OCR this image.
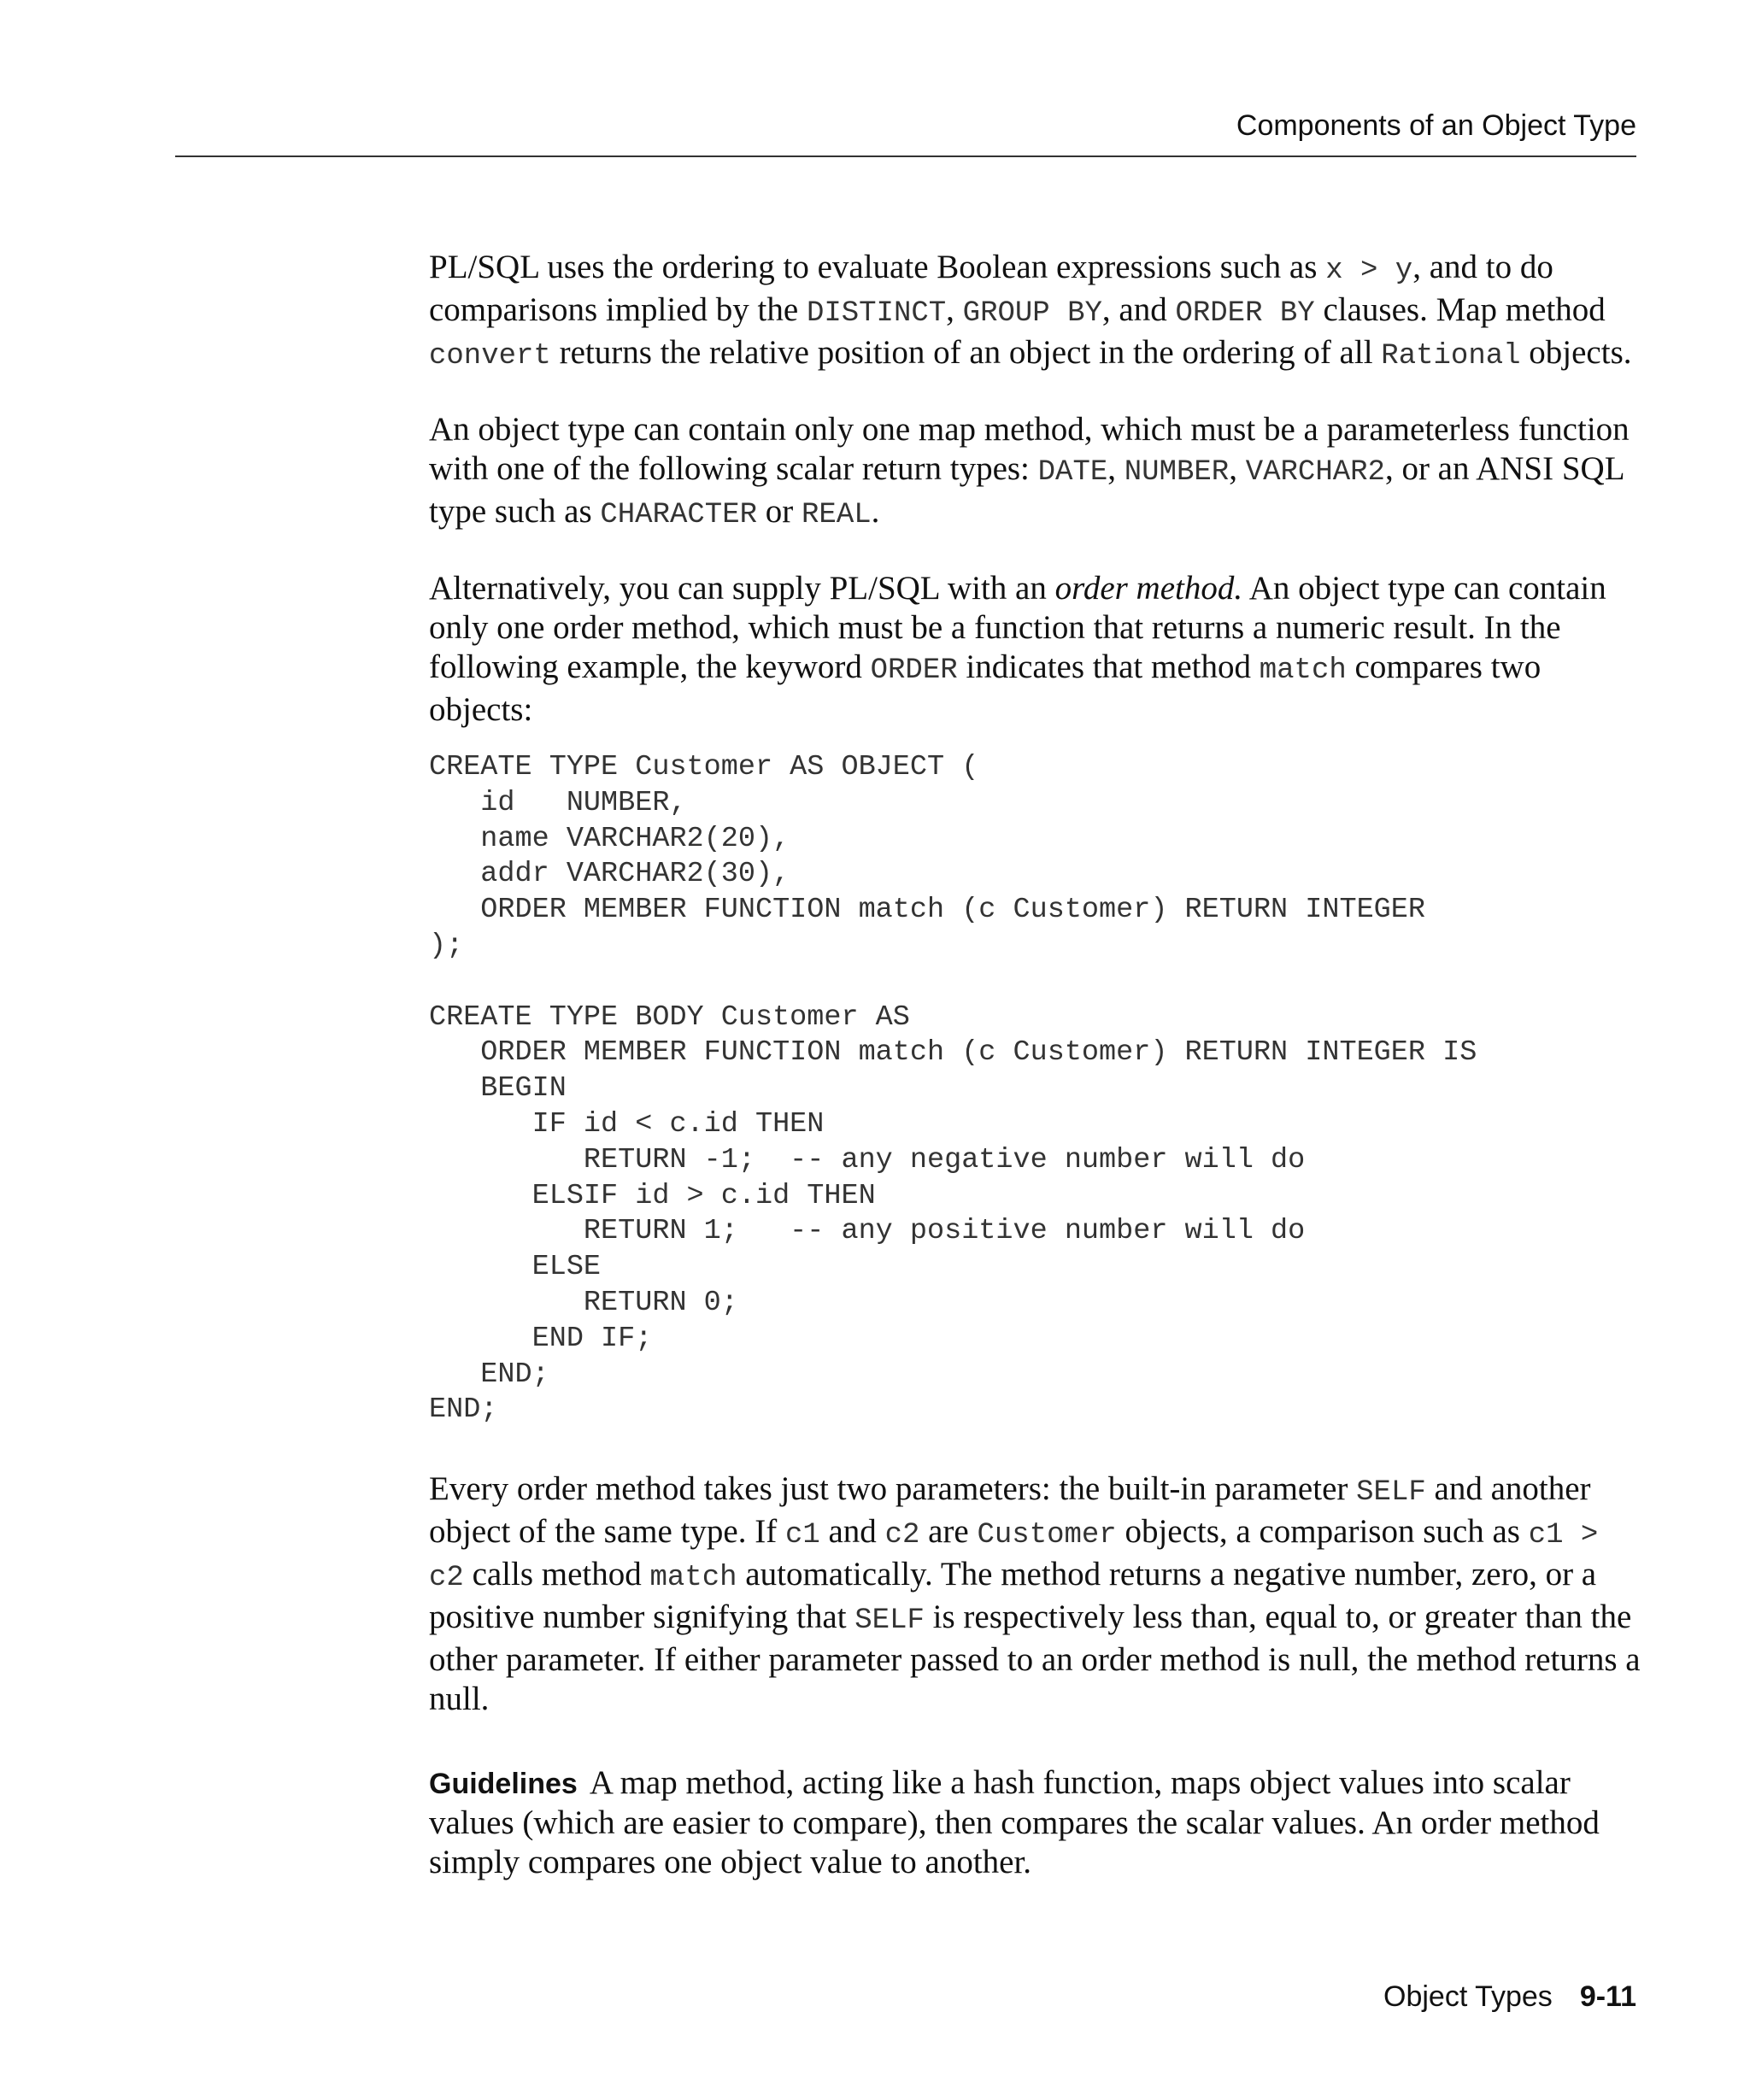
Components of an Object Type

PL/SQL uses the ordering to evaluate Boolean expressions such as x > y, and to do comparisons implied by the DISTINCT, GROUP BY, and ORDER BY clauses. Map method convert returns the relative position of an object in the ordering of all Rational objects.

An object type can contain only one map method, which must be a parameterless function with one of the following scalar return types: DATE, NUMBER, VARCHAR2, or an ANSI SQL type such as CHARACTER or REAL.

Alternatively, you can supply PL/SQL with an order method. An object type can contain only one order method, which must be a function that returns a numeric result. In the following example, the keyword ORDER indicates that method match compares two objects:

CREATE TYPE Customer AS OBJECT (
id   NUMBER,
name VARCHAR2(20),
addr VARCHAR2(30),
ORDER MEMBER FUNCTION match (c Customer) RETURN INTEGER
);

CREATE TYPE BODY Customer AS
ORDER MEMBER FUNCTION match (c Customer) RETURN INTEGER IS
BEGIN
IF id < c.id THEN
RETURN -1;  -- any negative number will do
ELSIF id > c.id THEN
RETURN 1;   -- any positive number will do
ELSE
RETURN 0;
END IF;
END;
END;

Every order method takes just two parameters: the built-in parameter SELF and another object of the same type. If c1 and c2 are Customer objects, a comparison such as c1 > c2 calls method match automatically. The method returns a negative number, zero, or a positive number signifying that SELF is respectively less than, equal to, or greater than the other parameter. If either parameter passed to an order method is null, the method returns a null.

Guidelines A map method, acting like a hash function, maps object values into scalar values (which are easier to compare), then compares the scalar values. An order method simply compares one object value to another.

Object Types 9-11
